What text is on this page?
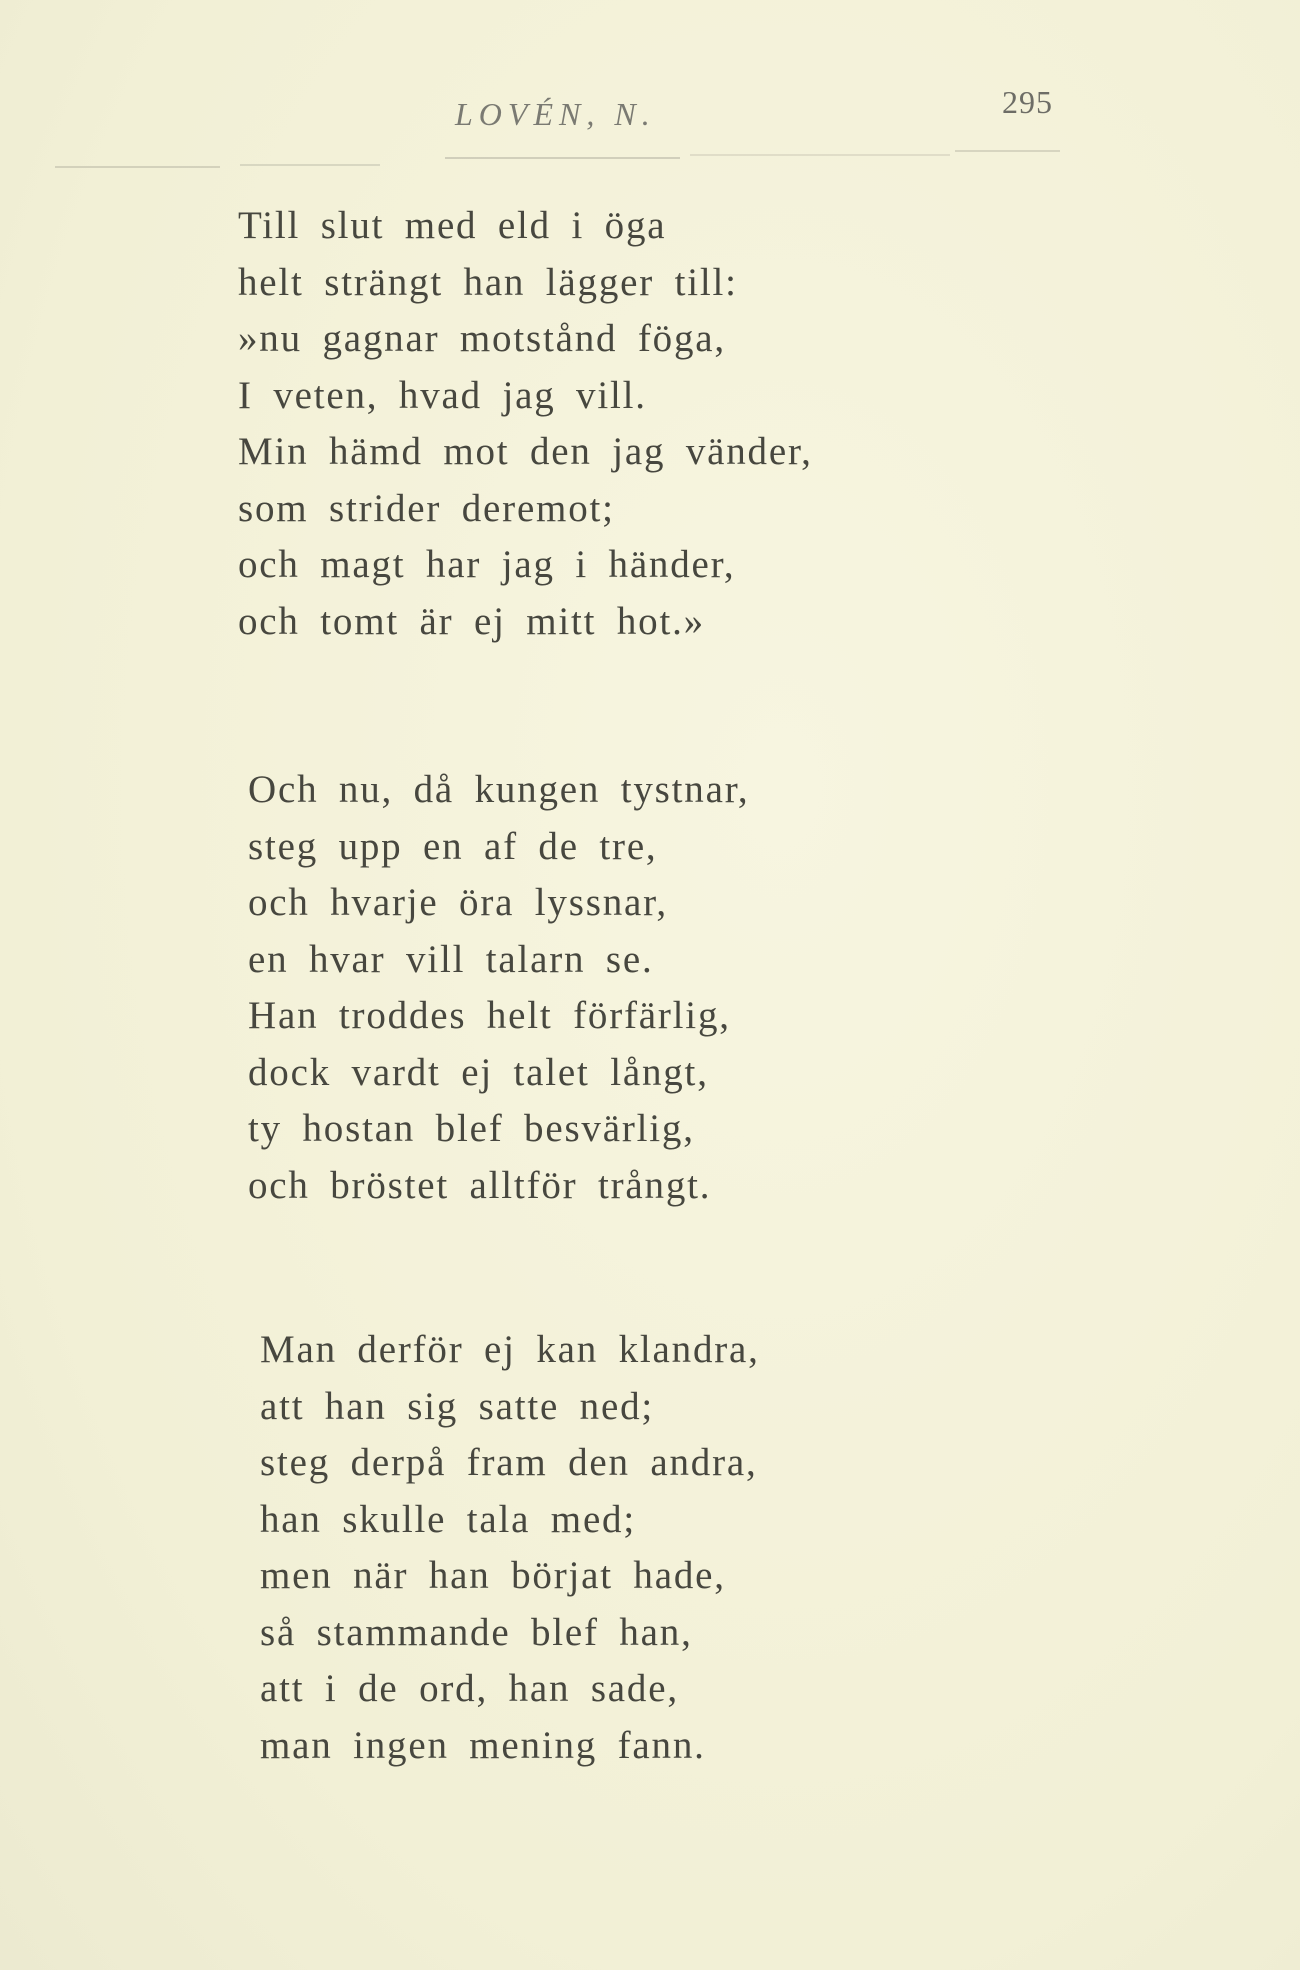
LOVÉN, N.	295
Till slut med eld i öga
helt strängt han lägger till:
»nu gagnar motstånd föga,
I veten, hvad jag vill.
Min hämd mot den jag vänder,
som strider deremot;
och magt har jag i händer,
och tomt är ej mitt hot.»
Och nu, då kungen tystnar,
steg upp en af de tre,
och hvarje öra lyssnar,
en hvar vill talarn se.
Han troddes helt förfärlig,
dock vardt ej talet långt,
ty hostan blef besvärlig,
och bröstet alltför trångt.
Man derför ej kan klandra,
att han sig satte ned;
steg derpå fram den andra,
han skulle tala med;
men när han börjat hade,
så stammande blef han,
att i de ord, han sade,
man ingen mening fann.
